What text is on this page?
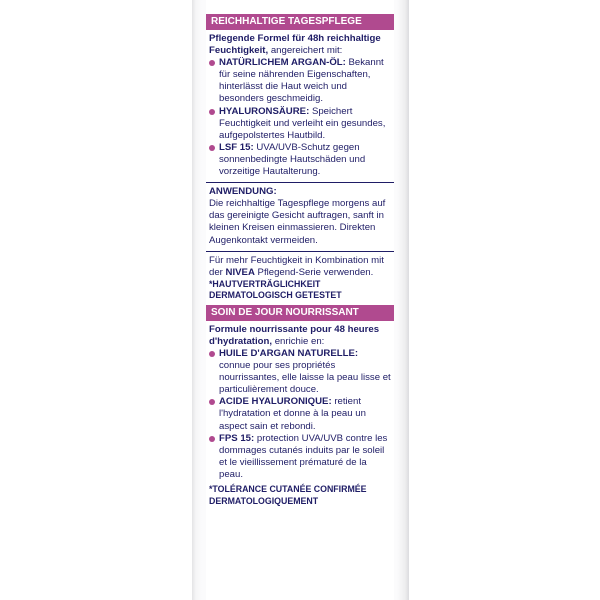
REICHHALTIGE TAGESPFLEGE
Pflegende Formel für 48h reichhaltige Feuchtigkeit, angereichert mit:
NATÜRLICHEM ARGAN-ÖL: Bekannt für seine nährenden Eigenschaften, hinterlässt die Haut weich und besonders geschmeidig.
HYALURONSÄURE: Speichert Feuchtigkeit und verleiht ein gesundes, aufgepolstertes Hautbild.
LSF 15: UVA/UVB-Schutz gegen sonnenbedingte Hautschäden und vorzeitige Hautalterung.
ANWENDUNG:
Die reichhaltige Tagespflege morgens auf das gereinigte Gesicht auftragen, sanft in kleinen Kreisen einmassieren. Direkten Augenkontakt vermeiden.
Für mehr Feuchtigkeit in Kombination mit der NIVEA Pflegend-Serie verwenden.
*HAUTVERTRÄGLICHKEIT DERMATOLOGISCH GETESTET
SOIN DE JOUR NOURRISSANT
Formule nourrissante pour 48 heures d'hydratation, enrichie en:
HUILE D'ARGAN NATURELLE: connue pour ses propriétés nourrissantes, elle laisse la peau lisse et particulièrement douce.
ACIDE HYALURONIQUE: retient l'hydratation et donne à la peau un aspect sain et rebondi.
FPS 15: protection UVA/UVB contre les dommages cutanés induits par le soleil et le vieillissement prématuré de la peau.
*TOLÉRANCE CUTANÉE CONFIRMÉE DERMATOLOGIQUEMENT
